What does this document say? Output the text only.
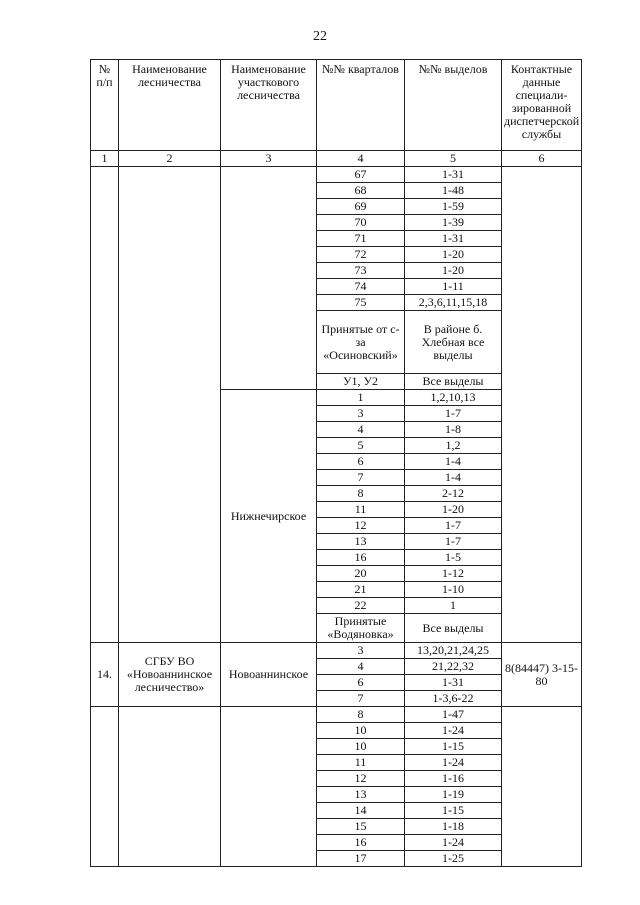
22
№ п/п	Наименование лесничества	Наименование участкового лесничества	№№ кварталов	№№ выделов	Контактные данные специали-зированной диспетчерской службы
1	2	3	4	5	6
			67	1-31	
			68	1-48	
			69	1-59	
			70	1-39	
			71	1-31	
			72	1-20	
			73	1-20	
			74	1-11	
			75	2,3,6,11,15,18	
			Принятые от с-за «Осиновский»	В районе б. Хлебная все выделы	
			У1, У2	Все выделы	
		Нижнечирское	1	1,2,10,13	
			3	1-7	
			4	1-8	
			5	1,2	
			6	1-4	
			7	1-4	
			8	2-12	
			11	1-20	
			12	1-7	
			13	1-7	
			16	1-5	
			20	1-12	
			21	1-10	
			22	1	
			Принятые «Водяновка»	Все выделы	
14.	СГБУ ВО «Новоаннинское лесничество»	Новоаннинское	3	13,20,21,24,25	8(84447) 3-15-80
			4	21,22,32	
			6	1-31	
			7	1-3,6-22	
			8	1-47	
			10	1-24	
			10	1-15	
			11	1-24	
			12	1-16	
			13	1-19	
			14	1-15	
			15	1-18	
			16	1-24	
			17	1-25	
